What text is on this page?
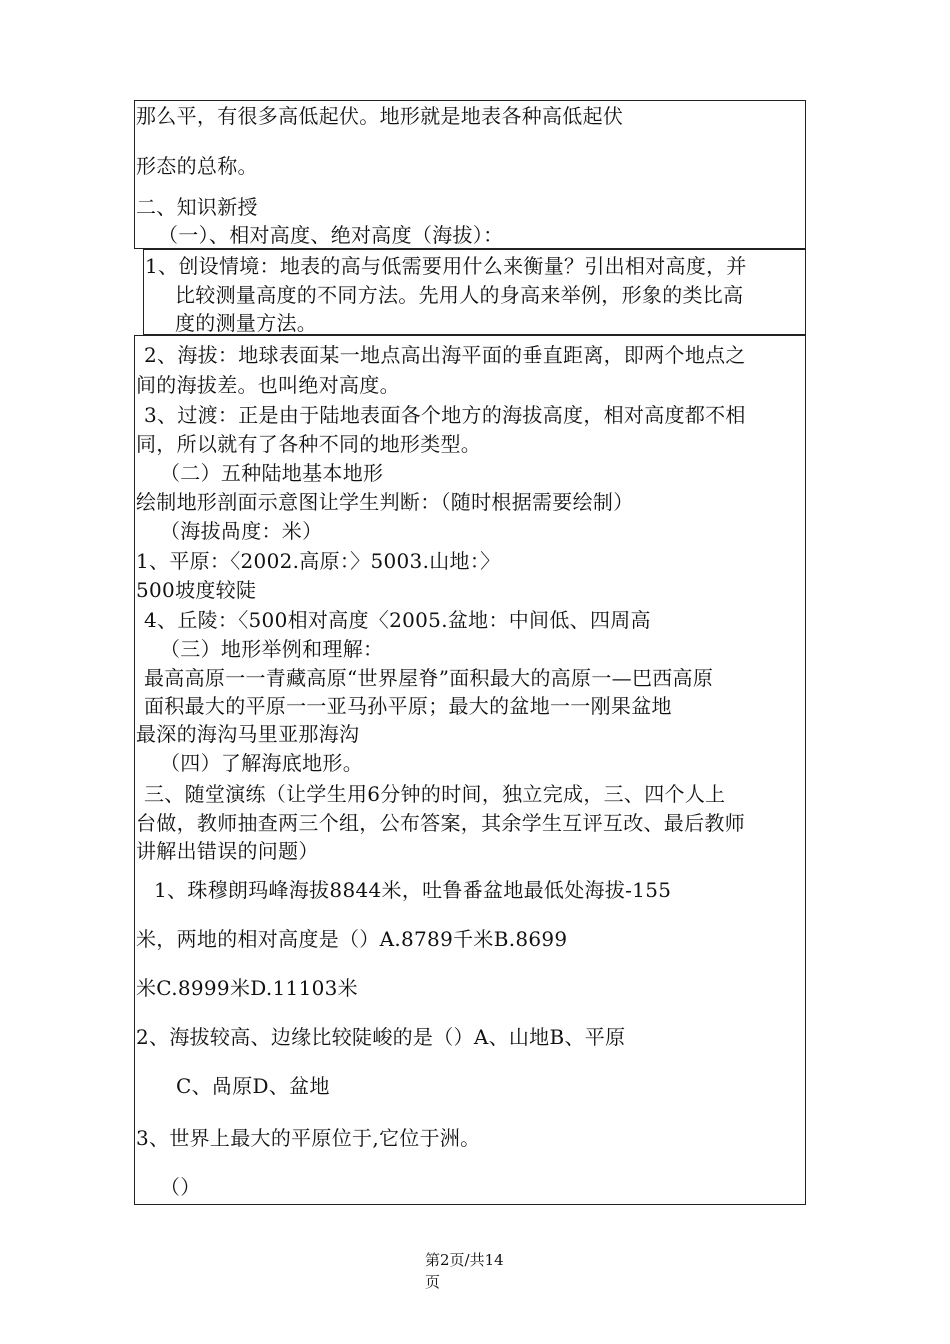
那么平，有很多高低起伏。地形就是地表各种高低起伏
形态的总称。
二、知识新授
（一）、相对高度、绝对高度（海拔）：
1、创设情境：地表的高与低需要用什么来衡量？引出相对高度，并
比较测量高度的不同方法。先用人的身高来举例，形象的类比高
度的测量方法。
2、海拔：地球表面某一地点高出海平面的垂直距离，即两个地点之
间的海拔差。也叫绝对高度。
3、过渡：正是由于陆地表面各个地方的海拔高度，相对高度都不相
同，所以就有了各种不同的地形类型。
（二）五种陆地基本地形
绘制地形剖面示意图让学生判断：（随时根据需要绘制）
（海拔咼度：米）
1、平原：〈2002.高原：〉5003.山地：〉
500坡度较陡
4、丘陵：〈500相对高度〈2005.盆地：中间低、四周高
（三）地形举例和理解：
最高高原一一青藏高原“世界屋脊”面积最大的高原一—巴西高原
面积最大的平原一一亚马孙平原；最大的盆地一一刚果盆地
最深的海沟马里亚那海沟
（四）了解海底地形。
三、随堂演练（让学生用6分钟的时间，独立完成，三、四个人上
台做，教师抽查两三个组，公布答案，其余学生互评互改、最后教师
讲解出错误的问题）
1、珠穆朗玛峰海拔8844米，吐鲁番盆地最低处海拔-155
米，两地的相对高度是（）A.8789千米B.8699
米C.8999米D.11103米
2、海拔较高、边缘比较陡峻的是（）A、山地B、平原
C、咼原D、盆地
3、世界上最大的平原位于,它位于洲。
（）
第2页/共14
页
